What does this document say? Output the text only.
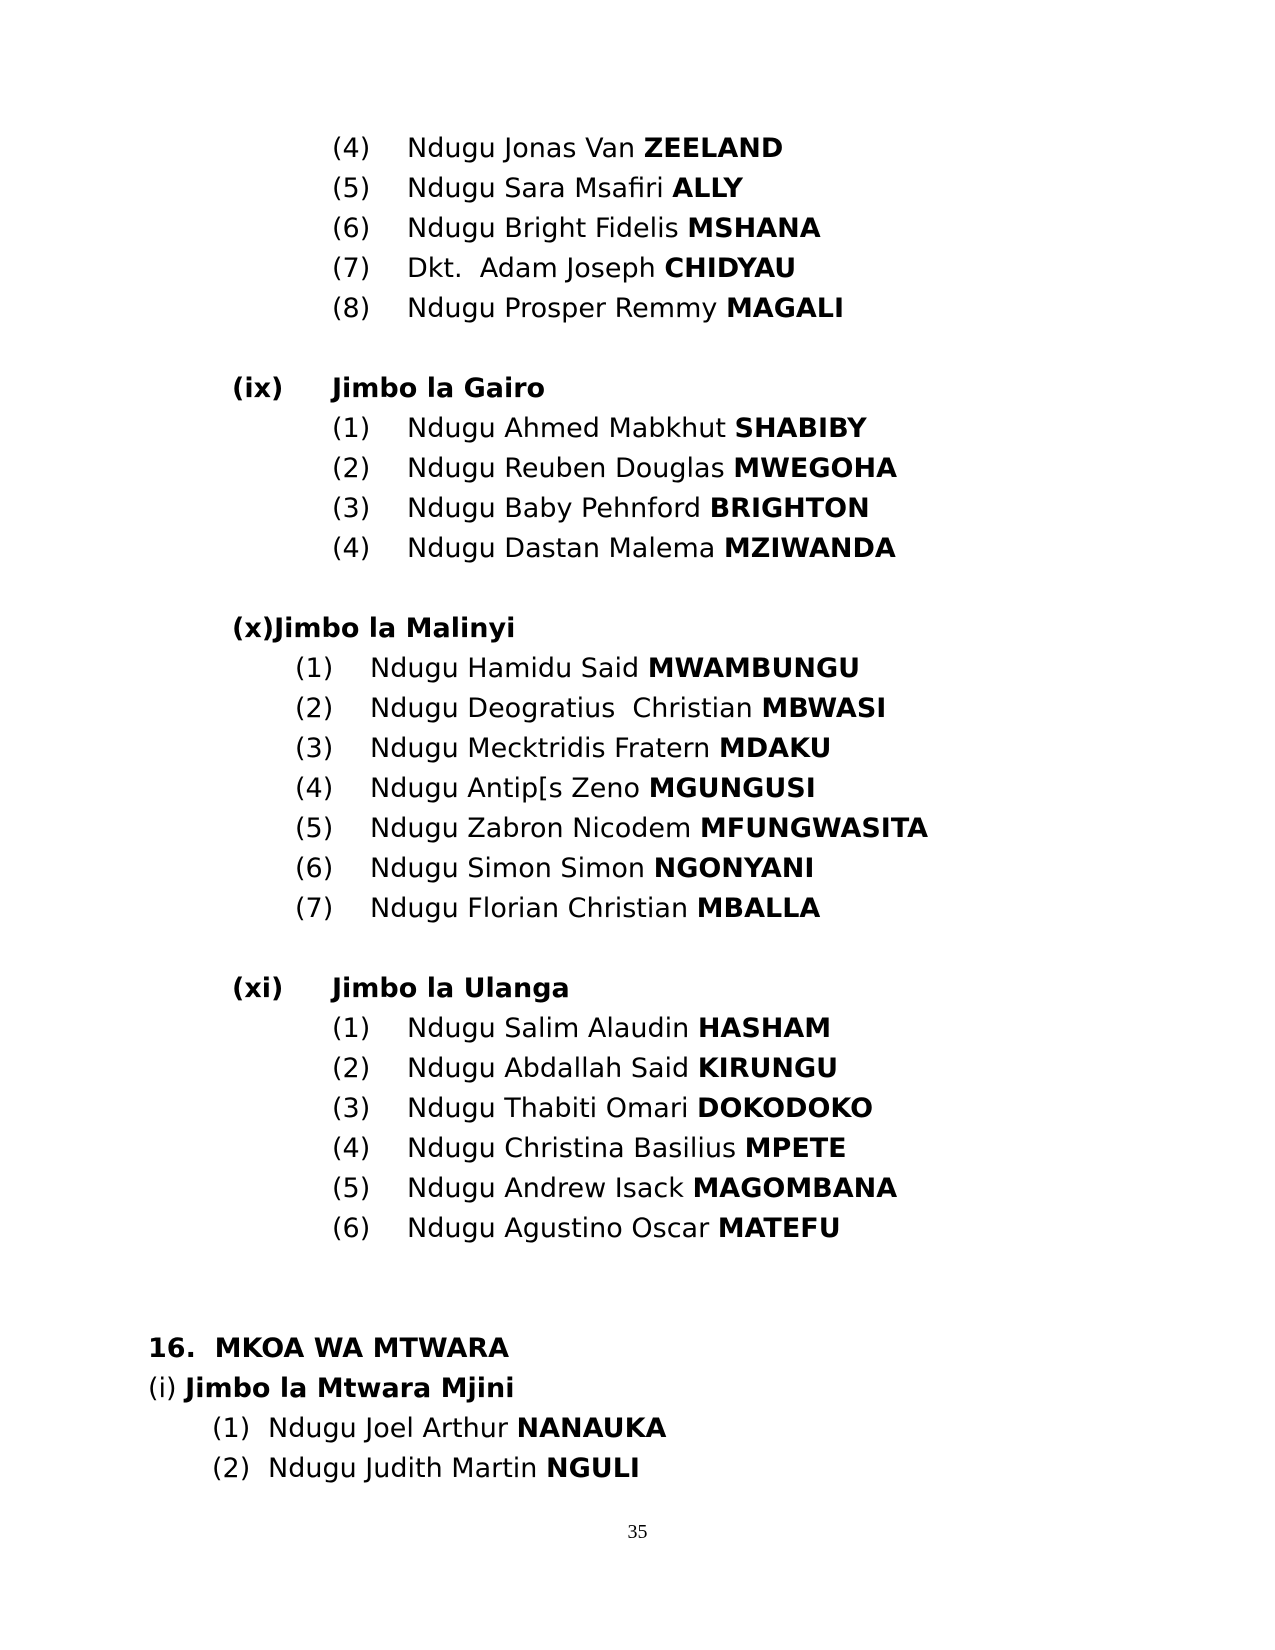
(4) Ndugu Jonas Van ZEELAND
(5) Ndugu Sara Msafiri ALLY
(6) Ndugu Bright Fidelis MSHANA
(7) Dkt.  Adam Joseph CHIDYAU
(8) Ndugu Prosper Remmy MAGALI
(ix) Jimbo la Gairo
(1) Ndugu Ahmed Mabkhut SHABIBY
(2) Ndugu Reuben Douglas MWEGOHA
(3) Ndugu Baby Pehnford BRIGHTON
(4) Ndugu Dastan Malema MZIWANDA
(x)Jimbo la Malinyi
(1) Ndugu Hamidu Said MWAMBUNGU
(2) Ndugu Deogratius  Christian MBWASI
(3) Ndugu Mecktridis Fratern MDAKU
(4) Ndugu Antip[s Zeno MGUNGUSI
(5) Ndugu Zabron Nicodem MFUNGWASITA
(6) Ndugu Simon Simon NGONYANI
(7) Ndugu Florian Christian MBALLA
(xi) Jimbo la Ulanga
(1) Ndugu Salim Alaudin HASHAM
(2) Ndugu Abdallah Said KIRUNGU
(3) Ndugu Thabiti Omari DOKODOKO
(4) Ndugu Christina Basilius MPETE
(5) Ndugu Andrew Isack MAGOMBANA
(6) Ndugu Agustino Oscar MATEFU
16.  MKOA WA MTWARA
(i) Jimbo la Mtwara Mjini
(1) Ndugu Joel Arthur NANAUKA
(2) Ndugu Judith Martin NGULI
35
